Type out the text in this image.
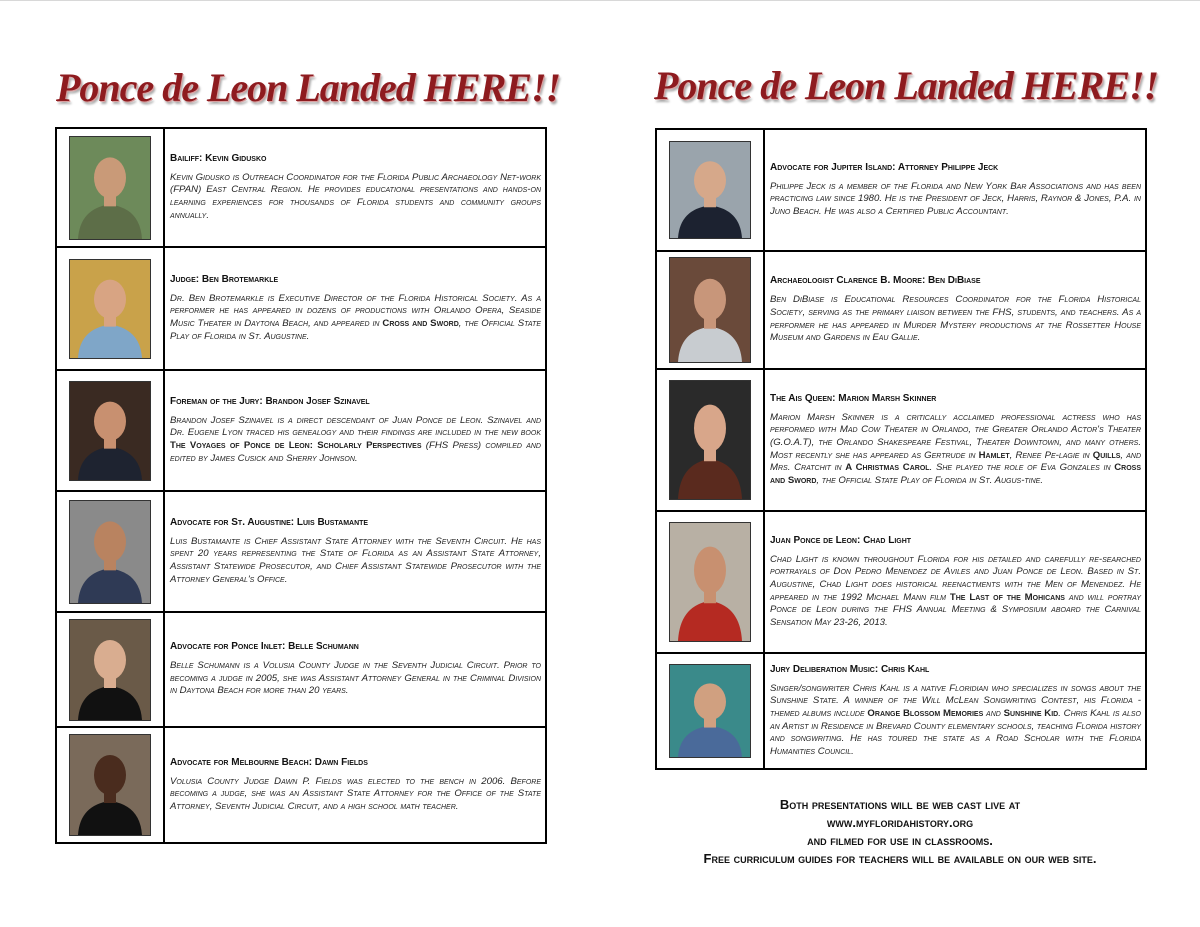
Ponce de Leon Landed HERE!! Ponce de Leon Landed HERE!!
Bailiff: Kevin Gidusko
Kevin Gidusko is Outreach Coordinator for the Florida Public Archaeology Net-work (FPAN) East Central Region. He provides educational presentations and hands-on learning experiences for thousands of Florida students and community groups annually.
Judge: Ben Brotemarkle
Dr. Ben Brotemarkle is Executive Director of the Florida Historical Society. As a performer he has appeared in dozens of productions with Orlando Opera, Seaside Music Theater in Daytona Beach, and appeared in Cross and Sword, the Official State Play of Florida in St. Augustine.
Foreman of the Jury: Brandon Josef Szinavel
Brandon Josef Szinavel is a direct descendant of Juan Ponce de Leon. Szinavel and Dr. Eugene Lyon traced his genealogy and their findings are included in the new book The Voyages of Ponce de Leon: Scholarly Perspectives (FHS Press) compiled and edited by James Cusick and Sherry Johnson.
Advocate for St. Augustine: Luis Bustamante
Luis Bustamante is Chief Assistant State Attorney with the Seventh Circuit. He has spent 20 years representing the State of Florida as an Assistant State Attorney, Assistant Statewide Prosecutor, and Chief Assistant Statewide Prosecutor with the Attorney General's Office.
Advocate for Ponce Inlet: Belle Schumann
Belle Schumann is a Volusia County Judge in the Seventh Judicial Circuit. Prior to becoming a judge in 2005, she was Assistant Attorney General in the Criminal Division in Daytona Beach for more than 20 years.
Advocate for Melbourne Beach: Dawn Fields
Volusia County Judge Dawn P. Fields was elected to the bench in 2006. Before becoming a judge, she was an Assistant State Attorney for the Office of the State Attorney, Seventh Judicial Circuit, and a high school math teacher.
Advocate for Jupiter Island: Attorney Philippe Jeck
Philippe Jeck is a member of the Florida and New York Bar Associations and has been practicing law since 1980. He is the President of Jeck, Harris, Raynor & Jones, P.A. in Juno Beach. He was also a Certified Public Accountant.
Archaeologist Clarence B. Moore: Ben DiBiase
Ben DiBiase is Educational Resources Coordinator for the Florida Historical Society, serving as the primary liaison between the FHS, students, and teachers. As a performer he has appeared in Murder Mystery productions at the Rossetter House Museum and Gardens in Eau Gallie.
The Ais Queen: Marion Marsh Skinner
Marion Marsh Skinner is a critically acclaimed professional actress who has performed with Mad Cow Theater in Orlando, the Greater Orlando Actor's Theater (G.O.A.T), the Orlando Shakespeare Festival, Theater Downtown, and many others. Most recently she has appeared as Gertrude in Hamlet, Renee Pe-lagie in Quills, and Mrs. Cratchit in A Christmas Carol. She played the role of Eva Gonzales in Cross and Sword, the Official State Play of Florida in St. Augus-tine.
Juan Ponce de Leon: Chad Light
Chad Light is known throughout Florida for his detailed and carefully re-searched portrayals of Don Pedro Menendez de Aviles and Juan Ponce de Leon. Based in St. Augustine, Chad Light does historical reenactments with the Men of Menendez. He appeared in the 1992 Michael Mann film The Last of the Mohicans and will portray Ponce de Leon during the FHS Annual Meeting & Symposium aboard the Carnival Sensation May 23-26, 2013.
Jury Deliberation Music: Chris Kahl
Singer/songwriter Chris Kahl is a native Floridian who specializes in songs about the Sunshine State. A winner of the Will McLean Songwriting Contest, his Florida -themed albums include Orange Blossom Memories and Sunshine Kid. Chris Kahl is also an Artist in Residence in Brevard County elementary schools, teaching Florida history and songwriting. He has toured the state as a Road Scholar with the Florida Humanities Council.
Both presentations will be web cast live at
www.myfloridahistory.org
and filmed for use in classrooms.
Free curriculum guides for teachers will be available on our web site.
